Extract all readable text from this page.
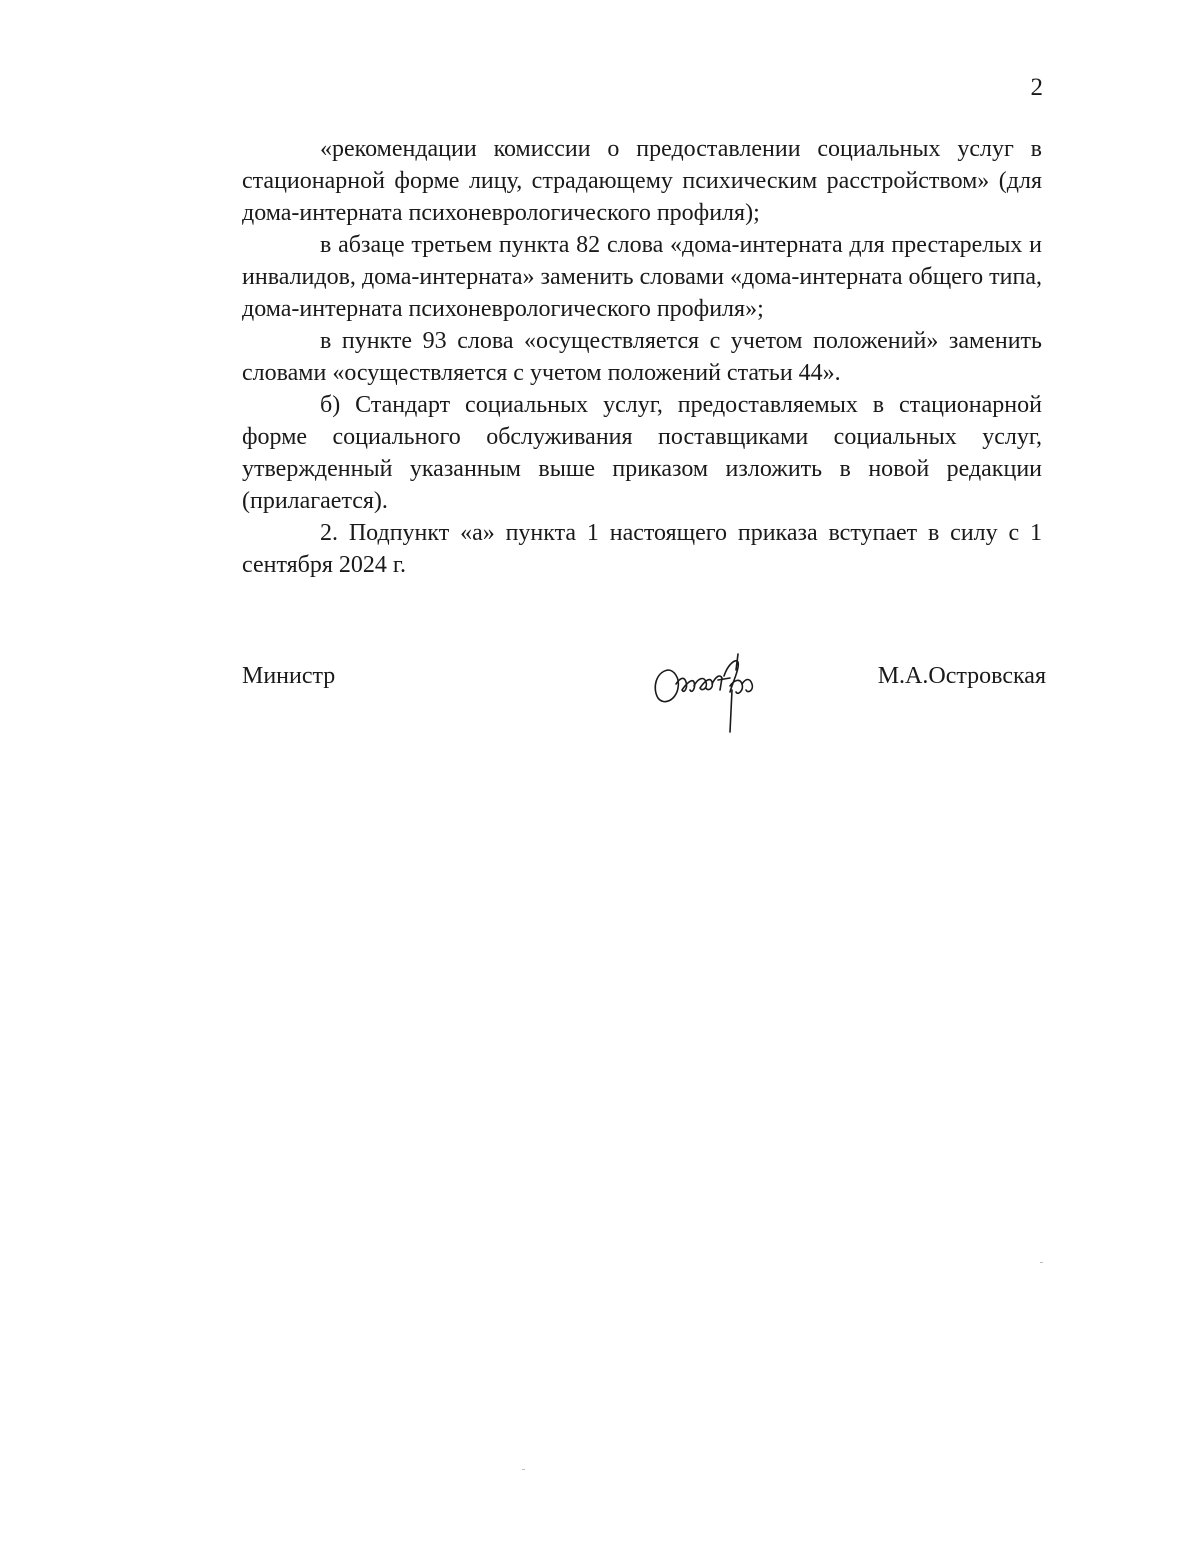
2

«рекомендации комиссии о предоставлении социальных услуг в стационарной форме лицу, страдающему психическим расстройством» (для дома-интерната психоневрологического профиля);

в абзаце третьем пункта 82 слова «дома-интерната для престарелых и инвалидов, дома-интерната» заменить словами «дома-интерната общего типа, дома-интерната психоневрологического профиля»;

в пункте 93 слова «осуществляется с учетом положений» заменить словами «осуществляется с учетом положений статьи 44».

б) Стандарт социальных услуг, предоставляемых в стационарной форме социального обслуживания поставщиками социальных услуг, утвержденный указанным выше приказом изложить в новой редакции (прилагается).

2. Подпункт «а» пункта 1 настоящего приказа вступает в силу с 1 сентября 2024 г.

Министр	М.А.Островская
